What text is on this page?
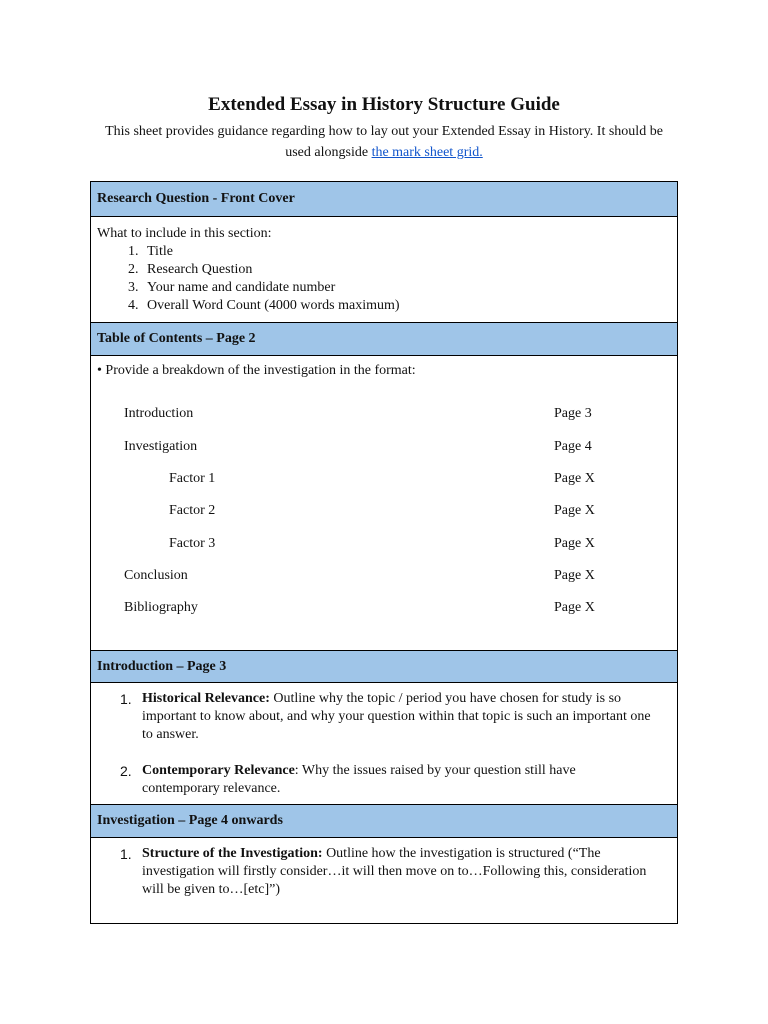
Extended Essay in History Structure Guide
This sheet provides guidance regarding how to lay out your Extended Essay in History. It should be used alongside the mark sheet grid.
Research Question - Front Cover
What to include in this section:
1. Title
2. Research Question
3. Your name and candidate number
4. Overall Word Count (4000 words maximum)
Table of Contents – Page 2
• Provide a breakdown of the investigation in the format:
Introduction	Page 3
Investigation	Page 4
Factor 1	Page X
Factor 2	Page X
Factor 3	Page X
Conclusion	Page X
Bibliography	Page X
Introduction – Page 3
1. Historical Relevance: Outline why the topic / period you have chosen for study is so important to know about, and why your question within that topic is such an important one to answer.
2. Contemporary Relevance: Why the issues raised by your question still have contemporary relevance.
Investigation – Page 4 onwards
1. Structure of the Investigation: Outline how the investigation is structured (“The investigation will firstly consider…it will then move on to…Following this, consideration will be given to…[etc]”)
